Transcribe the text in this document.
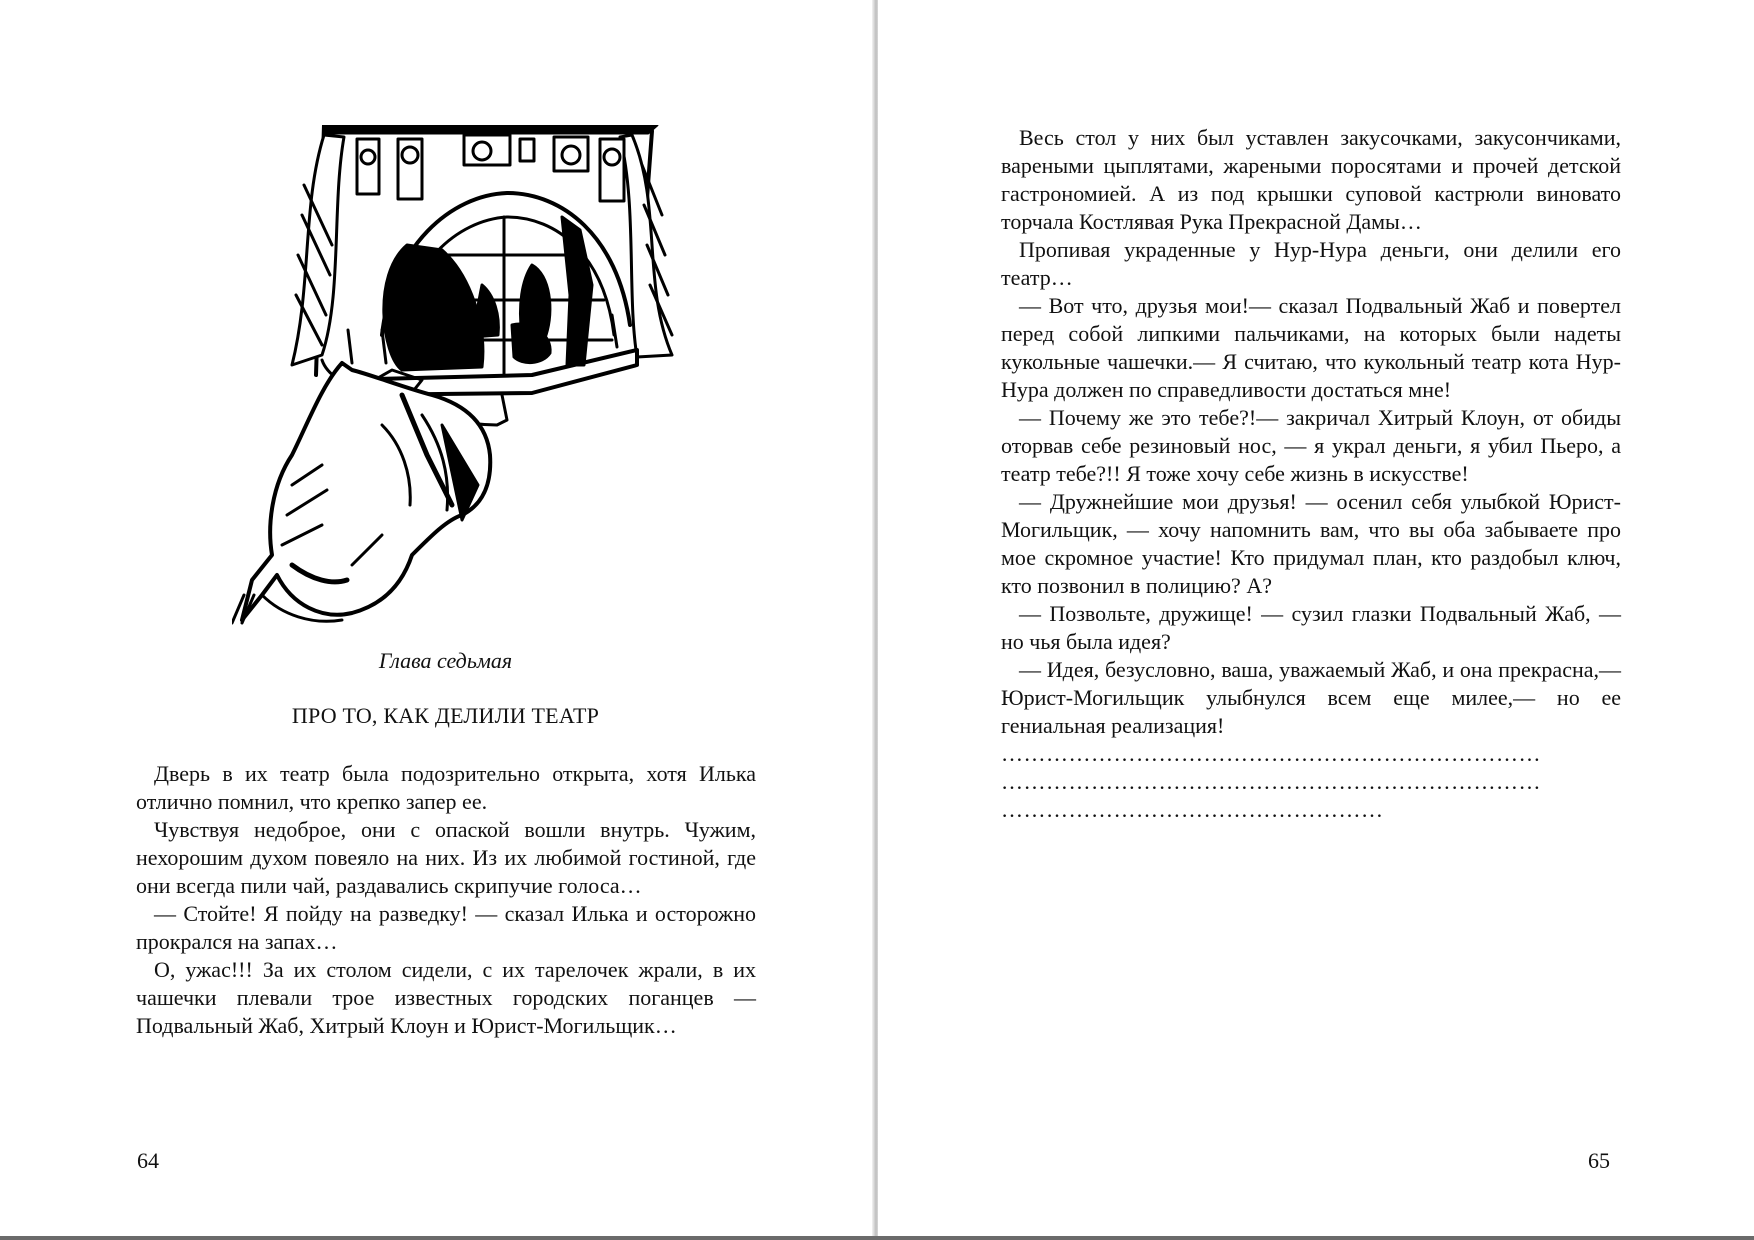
Глава седьмая
ПРО ТО, КАК ДЕЛИЛИ ТЕАТР

Дверь в их театр была подозрительно открыта, хотя Илька отлично помнил, что крепко запер ее.

Чувствуя недоброе, они с опаской вошли внутрь. Чужим, нехорошим духом повеяло на них. Из их любимой гостиной, где они всегда пили чай, раздавались скрипучие голоса…

— Стойте! Я пойду на разведку! — сказал Илька и осторожно прокрался на запах…

О, ужас!!! За их столом сидели, с их тарелочек жрали, в их чашечки плевали трое известных городских поганцев — Подвальный Жаб, Хитрый Клоун и Юрист-Могильщик…

64

Весь стол у них был уставлен закусочками, закусончиками, вареными цыплятами, жареными поросятами и прочей детской гастрономией. А из под крышки суповой кастрюли виновато торчала Костлявая Рука Прекрасной Дамы…

Пропивая украденные у Нур-Нура деньги, они делили его театр…

— Вот что, друзья мои!— сказал Подвальный Жаб и повертел перед собой липкими пальчиками, на которых были надеты кукольные чашечки.— Я считаю, что кукольный театр кота Нур-Нура должен по справедливости достаться мне!

— Почему же это тебе?!— закричал Хитрый Клоун, от обиды оторвав себе резиновый нос, — я украл деньги, я убил Пьеро, а театр тебе?!! Я тоже хочу себе жизнь в искусстве!

— Дружнейшие мои друзья! — осенил себя улыбкой Юрист-Могильщик, — хочу напомнить вам, что вы оба забываете про мое скромное участие! Кто придумал план, кто раздобыл ключ, кто позвонил в полицию? А?

— Позвольте, дружище! — сузил глазки Подвальный Жаб, — но чья была идея?

— Идея, безусловно, ваша, уважаемый Жаб, и она прекрасна,— Юрист-Могильщик улыбнулся всем еще милее,— но ее гениальная реализация!

………………………………………………………………

………………………………………………………………

……………………………………………

65
